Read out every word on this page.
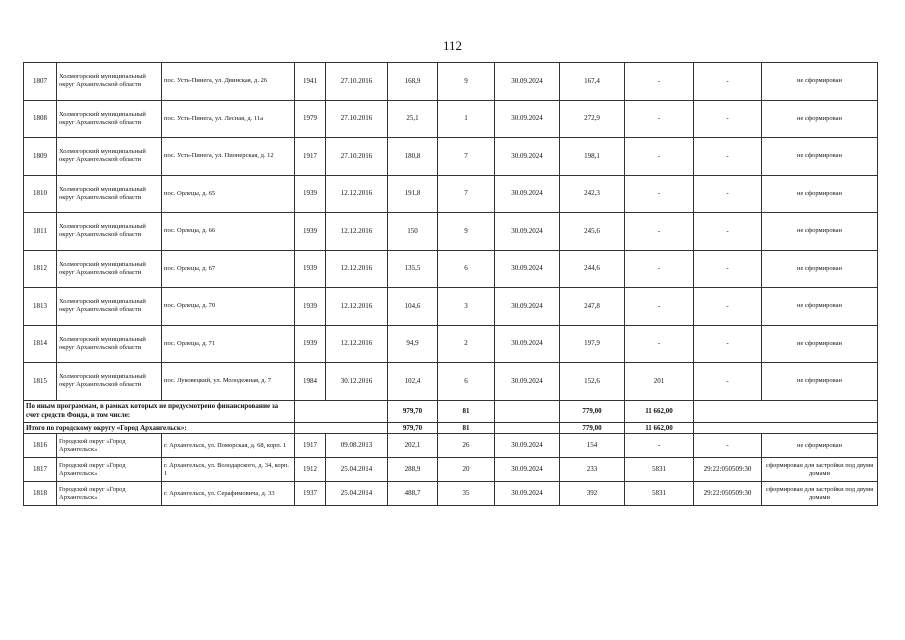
112
1807	Холмогорский муниципальный округ Архангельской области	пос. Усть-Пинега, ул. Двинская, д. 26	1941	27.10.2016	168,9	9	30.09.2024	167,4	-	-	не сформирован
1808	Холмогорский муниципальный округ Архангельской области	пос. Усть-Пинега, ул. Лесная, д. 11а	1979	27.10.2016	25,1	1	30.09.2024	272,9	-	-	не сформирован
1809	Холмогорский муниципальный округ Архангельской области	пос. Усть-Пинега, ул. Пионерская, д. 12	1917	27.10.2016	180,8	7	30.09.2024	198,1	-	-	не сформирован
1810	Холмогорский муниципальный округ Архангельской области	пос. Орлецы, д. 65	1939	12.12.2016	191,8	7	30.09.2024	242,3	-	-	не сформирован
1811	Холмогорский муниципальный округ Архангельской области	пос. Орлецы, д. 66	1939	12.12.2016	150	9	30.09.2024	245,6	-	-	не сформирован
1812	Холмогорский муниципальный округ Архангельской области	пос. Орлецы, д. 67	1939	12.12.2016	135,5	6	30.09.2024	244,6	-	-	не сформирован
1813	Холмогорский муниципальный округ Архангельской области	пос. Орлецы, д. 70	1939	12.12.2016	104,6	3	30.09.2024	247,8	-	-	не сформирован
1814	Холмогорский муниципальный округ Архангельской области	пос. Орлецы, д. 71	1939	12.12.2016	94,9	2	30.09.2024	197,9	-	-	не сформирован
1815	Холмогорский муниципальный округ Архангельской области	пос. Луковецкий, ул. Молодежная, д. 7	1984	30.12.2016	102,4	6	30.09.2024	152,6	201	-	не сформирован
По иным программам, в рамках которых не предусмотрено финансирование за счет средств Фонда, в том числе:					979,70	81		779,00	11 662,00		
Итого по городскому округу «Город Архангельск»:					979,70	81		779,00	11 662,00		
1816	Городской округ «Город Архангельск»	г. Архангельск, ул. Поморская, д. 68, корп. 1	1917	09.08.2013	202,1	26	30.09.2024	154	-	-	не сформирован
1817	Городской округ «Город Архангельск»	г. Архангельск, ул. Володарского, д. 34, корп. 1	1912	25.04.2014	288,9	20	30.09.2024	233	5831	29:22:050509:30	сформирован для застройки под двумя домами
1818	Городской округ «Город Архангельск»	г. Архангельск, ул. Серафимовича, д. 33	1937	25.04.2014	488,7	35	30.09.2024	392	5831	29:22:050509:30	сформирован для застройки под двумя домами
